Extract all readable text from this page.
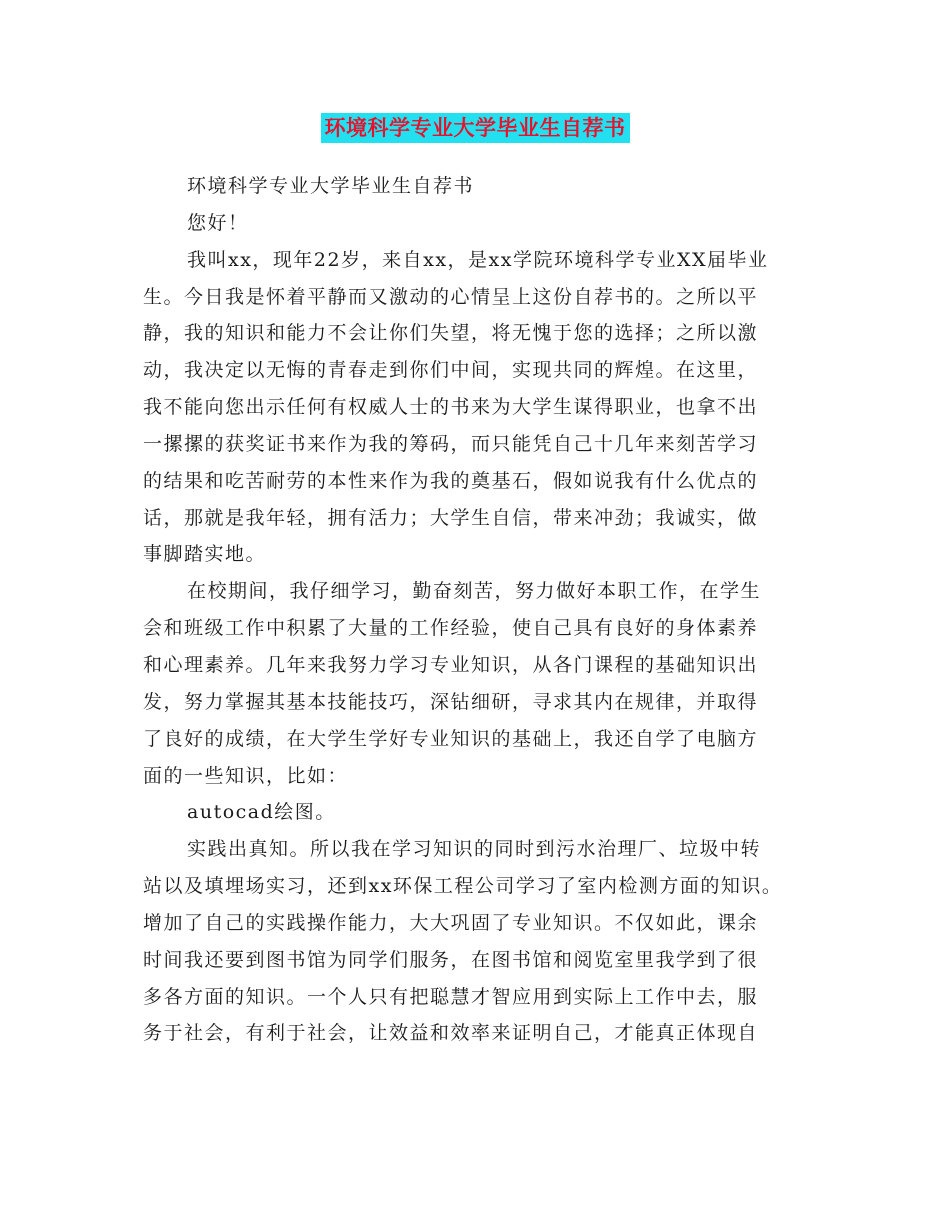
环境科学专业大学毕业生自荐书
环境科学专业大学毕业生自荐书
您好！
我叫xx，现年22岁，来自xx，是xx学院环境科学专业XX届毕业
生。今日我是怀着平静而又激动的心情呈上这份自荐书的。之所以平
静，我的知识和能力不会让你们失望，将无愧于您的选择；之所以激
动，我决定以无悔的青春走到你们中间，实现共同的辉煌。在这里，
我不能向您出示任何有权威人士的书来为大学生谋得职业，也拿不出
一摞摞的获奖证书来作为我的筹码，而只能凭自己十几年来刻苦学习
的结果和吃苦耐劳的本性来作为我的奠基石，假如说我有什么优点的
话，那就是我年轻，拥有活力；大学生自信，带来冲劲；我诚实，做
事脚踏实地。
在校期间，我仔细学习，勤奋刻苦，努力做好本职工作，在学生
会和班级工作中积累了大量的工作经验，使自己具有良好的身体素养
和心理素养。几年来我努力学习专业知识，从各门课程的基础知识出
发，努力掌握其基本技能技巧，深钻细研，寻求其内在规律，并取得
了良好的成绩，在大学生学好专业知识的基础上，我还自学了电脑方
面的一些知识，比如：
autocad绘图。
实践出真知。所以我在学习知识的同时到污水治理厂、垃圾中转
站以及填埋场实习，还到xx环保工程公司学习了室内检测方面的知识。
增加了自己的实践操作能力，大大巩固了专业知识。不仅如此，课余
时间我还要到图书馆为同学们服务，在图书馆和阅览室里我学到了很
多各方面的知识。一个人只有把聪慧才智应用到实际上工作中去，服
务于社会，有利于社会，让效益和效率来证明自己，才能真正体现自
